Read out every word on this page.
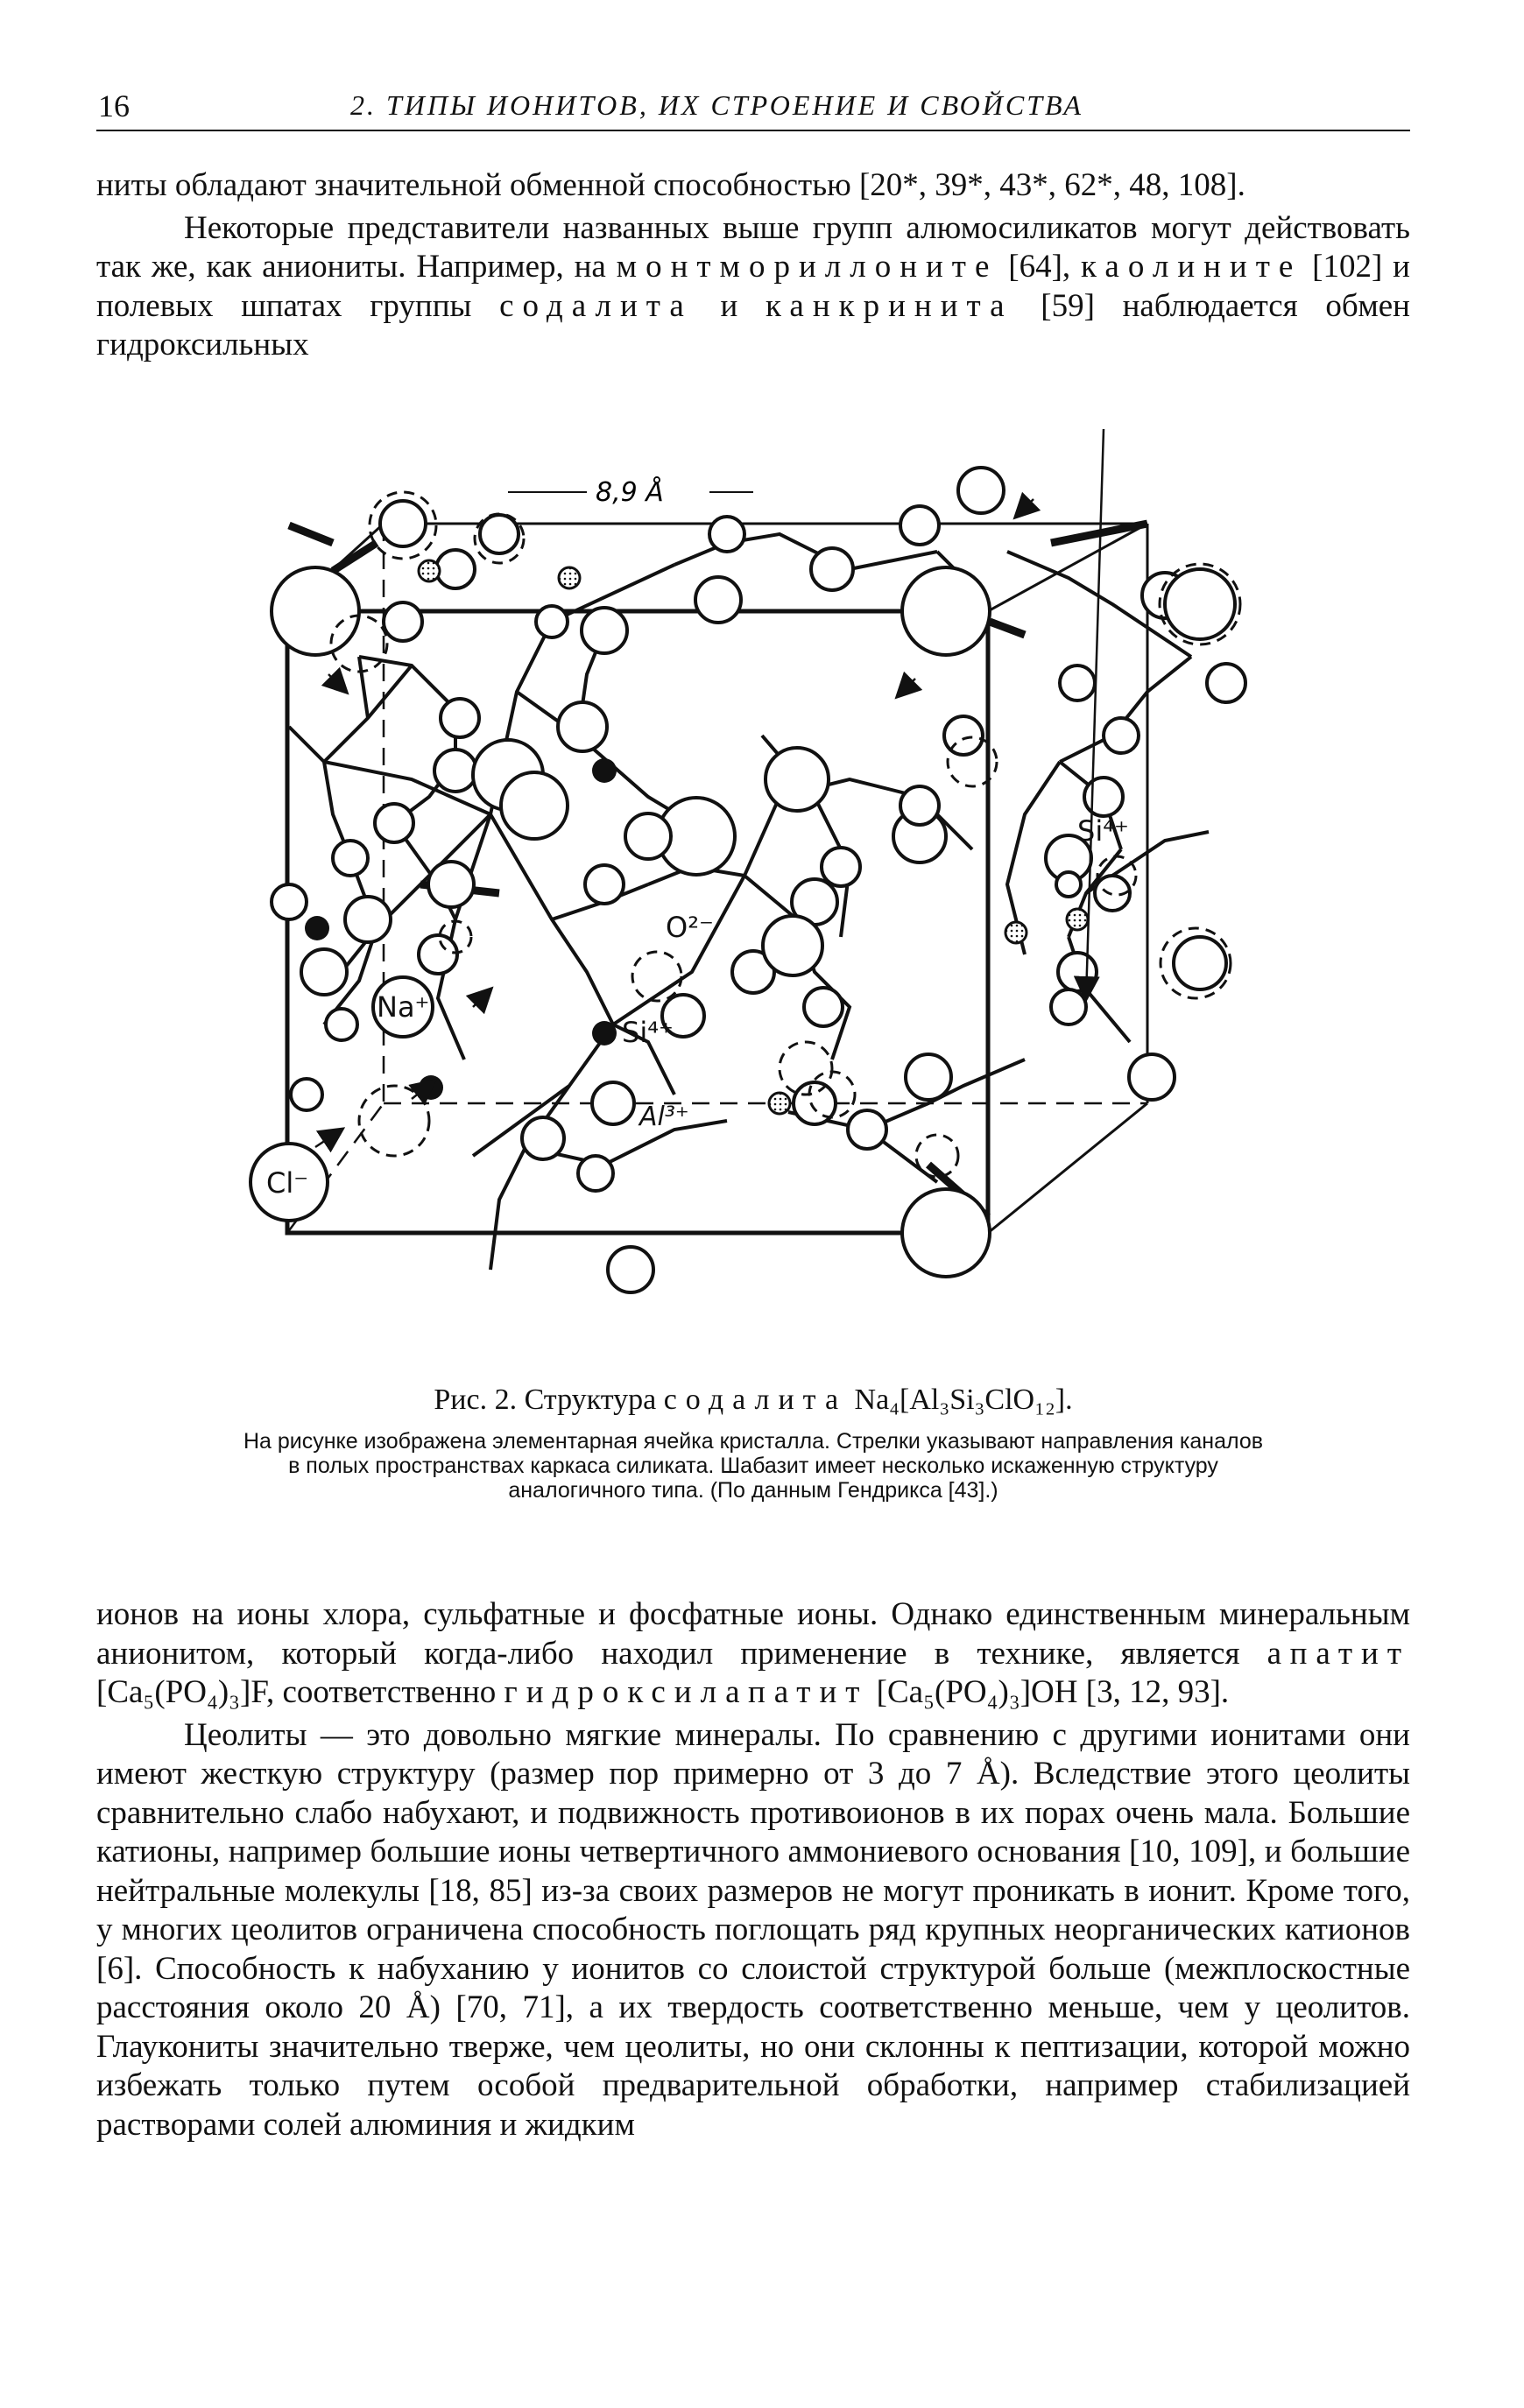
16	2. ТИПЫ ИОНИТОВ, ИХ СТРОЕНИЕ И СВОЙСТВА

ниты обладают значительной обменной способностью [20*, 39*, 43*, 62*, 48, 108].

Некоторые представители названных выше групп алюмосиликатов могут действовать так же, как аниониты. Например, на монтмориллоните [64], каолините [102] и полевых шпатах группы содалита и канкринита [59] наблюдается обмен гидроксильных

8,9 Å
Na⁺
Cl⁻
Si⁴⁺
O²⁻
Si⁴⁺
Al³⁺
Рис. 2. Структура содалита Na₄[Al₃Si₃ClO₁₂].
На рисунке изображена элементарная ячейка кристалла. Стрелки указывают направления каналов в полых пространствах каркаса силиката. Шабазит имеет несколько искаженную структуру аналогичного типа. (По данным Гендрикса [43].)

ионов на ионы хлора, сульфатные и фосфатные ионы. Однако единственным минеральным анионитом, который когда-либо находил применение в технике, является апатит [Ca₅(PO₄)₃]F, соответственно гидроксилапатит [Ca₅(PO₄)₃]OH [3, 12, 93].

Цеолиты — это довольно мягкие минералы. По сравнению с другими ионитами они имеют жесткую структуру (размер пор примерно от 3 до 7 Å). Вследствие этого цеолиты сравнительно слабо набухают, и подвижность противоионов в их порах очень мала. Большие катионы, например большие ионы четвертичного аммониевого основания [10, 109], и большие нейтральные молекулы [18, 85] из-за своих размеров не могут проникать в ионит. Кроме того, у многих цеолитов ограничена способность поглощать ряд крупных неорганических катионов [6]. Способность к набуханию у ионитов со слоистой структурой больше (межплоскостные расстояния около 20 Å) [70, 71], а их твердость соответственно меньше, чем у цеолитов. Глаукониты значительно тверже, чем цеолиты, но они склонны к пептизации, которой можно избежать только путем особой предварительной обработки, например стабилизацией растворами солей алюминия и жидким
